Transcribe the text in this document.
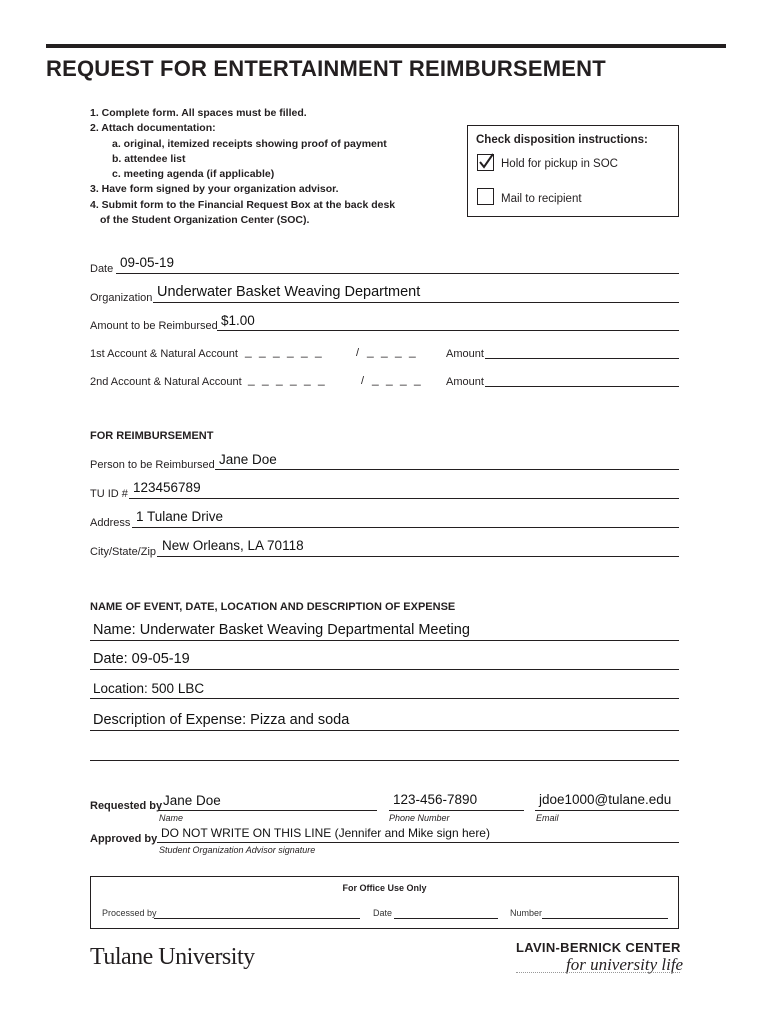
REQUEST FOR ENTERTAINMENT REIMBURSEMENT
1. Complete form. All spaces must be filled.
2. Attach documentation:
a. original, itemized receipts showing proof of payment
b. attendee list
c. meeting agenda (if applicable)
3. Have form signed by your organization advisor.
4. Submit form to the Financial Request Box at the back desk
of the Student Organization Center (SOC).
Check disposition instructions:
Hold for pickup in SOC
Mail to recipient
Date 09-05-19
Organization Underwater Basket Weaving Department
Amount to be Reimbursed $1.00
1st Account & Natural Account _ _ _ _ _ _	/ _ _ _ _	Amount
2nd Account & Natural Account _ _ _ _ _ _	/ _ _ _ _ Amount
FOR REIMBURSEMENT
Person to be Reimbursed Jane Doe
TU ID # 123456789
Address 1 Tulane Drive
City/State/Zip New Orleans, LA 70118
NAME OF EVENT, DATE, LOCATION AND DESCRIPTION OF EXPENSE
Name: Underwater Basket Weaving Departmental Meeting
Date: 09-05-19
Location: 500 LBC
Description of Expense: Pizza and soda
Requested by Jane Doe
Name
123-456-7890
Phone Number
jdoe1000@tulane.edu
Email
Approved by DO NOT WRITE ON THIS LINE (Jennifer and Mike sign here)
Student Organization Advisor signature
For Office Use Only
Processed by	Date	Number
Tulane University	LAVIN-BERNICK CENTER
for university life
